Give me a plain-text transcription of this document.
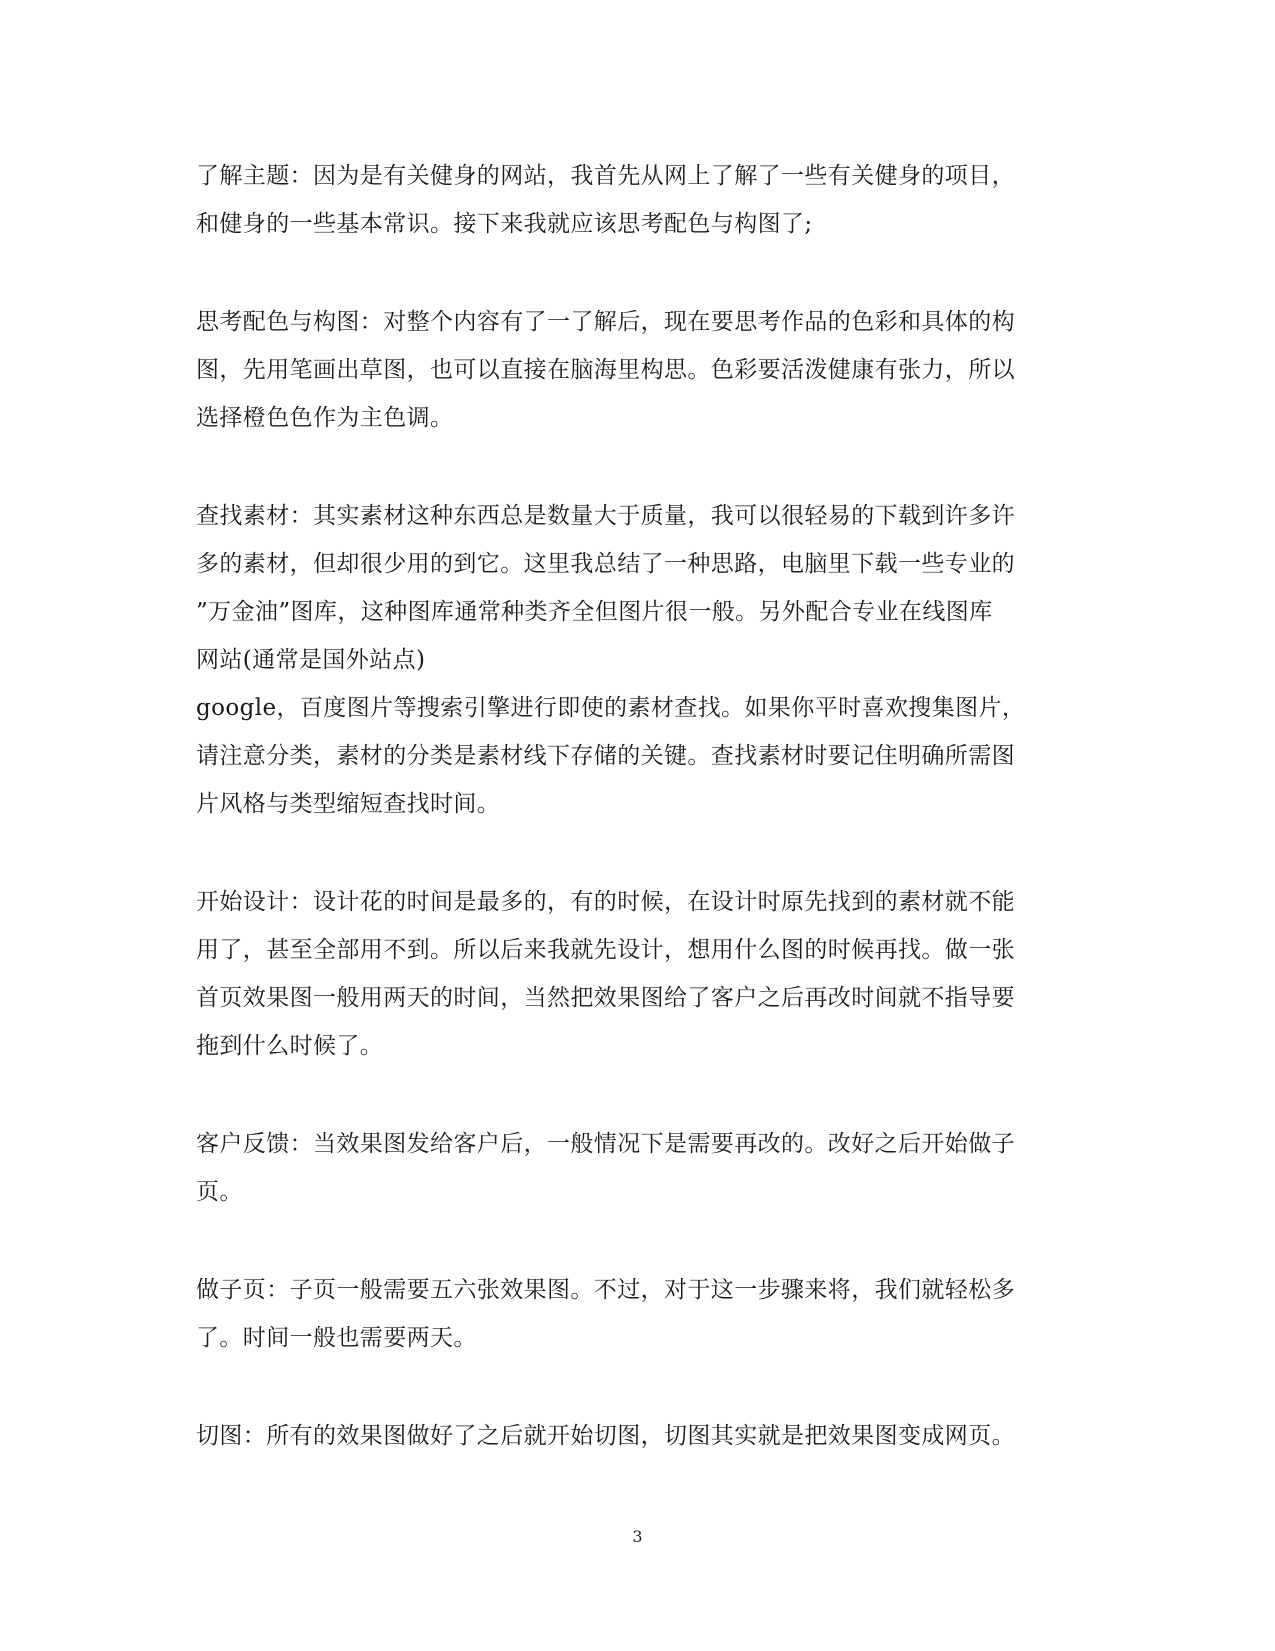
了解主题：因为是有关健身的网站，我首先从网上了解了一些有关健身的项目，
和健身的一些基本常识。接下来我就应该思考配色与构图了;

思考配色与构图：对整个内容有了一了解后，现在要思考作品的色彩和具体的构
图，先用笔画出草图，也可以直接在脑海里构思。色彩要活泼健康有张力，所以
选择橙色色作为主色调。

查找素材：其实素材这种东西总是数量大于质量，我可以很轻易的下载到许多许
多的素材，但却很少用的到它。这里我总结了一种思路，电脑里下载一些专业的
”万金油”图库，这种图库通常种类齐全但图片很一般。另外配合专业在线图库
网站(通常是国外站点)
google，百度图片等搜索引擎进行即使的素材查找。如果你平时喜欢搜集图片，
请注意分类，素材的分类是素材线下存储的关键。查找素材时要记住明确所需图
片风格与类型缩短查找时间。

开始设计：设计花的时间是最多的，有的时候，在设计时原先找到的素材就不能
用了，甚至全部用不到。所以后来我就先设计，想用什么图的时候再找。做一张
首页效果图一般用两天的时间，当然把效果图给了客户之后再改时间就不指导要
拖到什么时候了。

客户反馈：当效果图发给客户后，一般情况下是需要再改的。改好之后开始做子
页。

做子页：子页一般需要五六张效果图。不过，对于这一步骤来将，我们就轻松多
了。时间一般也需要两天。

切图：所有的效果图做好了之后就开始切图，切图其实就是把效果图变成网页。

3
